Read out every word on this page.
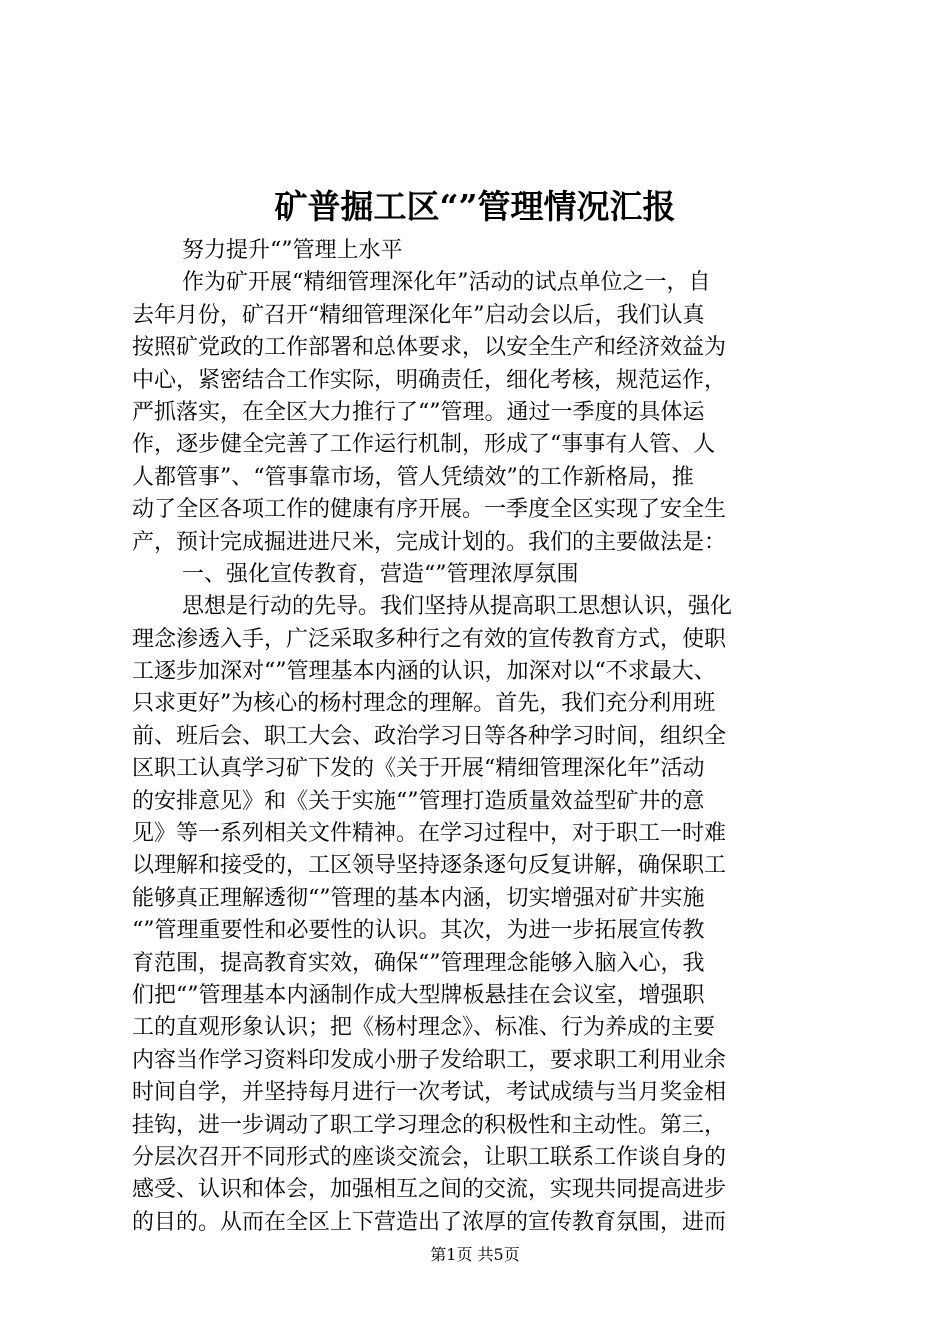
矿普掘工区“”管理情况汇报
努力提升“”管理上水平
作为矿开展“精细管理深化年”活动的试点单位之一，自
去年月份，矿召开“精细管理深化年”启动会以后，我们认真
按照矿党政的工作部署和总体要求，以安全生产和经济效益为
中心，紧密结合工作实际，明确责任，细化考核，规范运作，
严抓落实，在全区大力推行了“”管理。通过一季度的具体运
作，逐步健全完善了工作运行机制，形成了“事事有人管、人
人都管事”、“管事靠市场，管人凭绩效”的工作新格局，推
动了全区各项工作的健康有序开展。一季度全区实现了安全生
产，预计完成掘进进尺米，完成计划的。我们的主要做法是：
一、强化宣传教育，营造“”管理浓厚氛围
思想是行动的先导。我们坚持从提高职工思想认识，强化
理念渗透入手，广泛采取多种行之有效的宣传教育方式，使职
工逐步加深对“”管理基本内涵的认识，加深对以“不求最大、
只求更好”为核心的杨村理念的理解。首先，我们充分利用班
前、班后会、职工大会、政治学习日等各种学习时间，组织全
区职工认真学习矿下发的《关于开展“精细管理深化年”活动
的安排意见》和《关于实施“”管理打造质量效益型矿井的意
见》等一系列相关文件精神。在学习过程中，对于职工一时难
以理解和接受的，工区领导坚持逐条逐句反复讲解，确保职工
能够真正理解透彻“”管理的基本内涵，切实增强对矿井实施
“”管理重要性和必要性的认识。其次，为进一步拓展宣传教
育范围，提高教育实效，确保“”管理理念能够入脑入心，我
们把“”管理基本内涵制作成大型牌板悬挂在会议室，增强职
工的直观形象认识；把《杨村理念》、标准、行为养成的主要
内容当作学习资料印发成小册子发给职工，要求职工利用业余
时间自学，并坚持每月进行一次考试，考试成绩与当月奖金相
挂钩，进一步调动了职工学习理念的积极性和主动性。第三，
分层次召开不同形式的座谈交流会，让职工联系工作谈自身的
感受、认识和体会，加强相互之间的交流，实现共同提高进步
的目的。从而在全区上下营造出了浓厚的宣传教育氛围，进而
第1页 共5页
